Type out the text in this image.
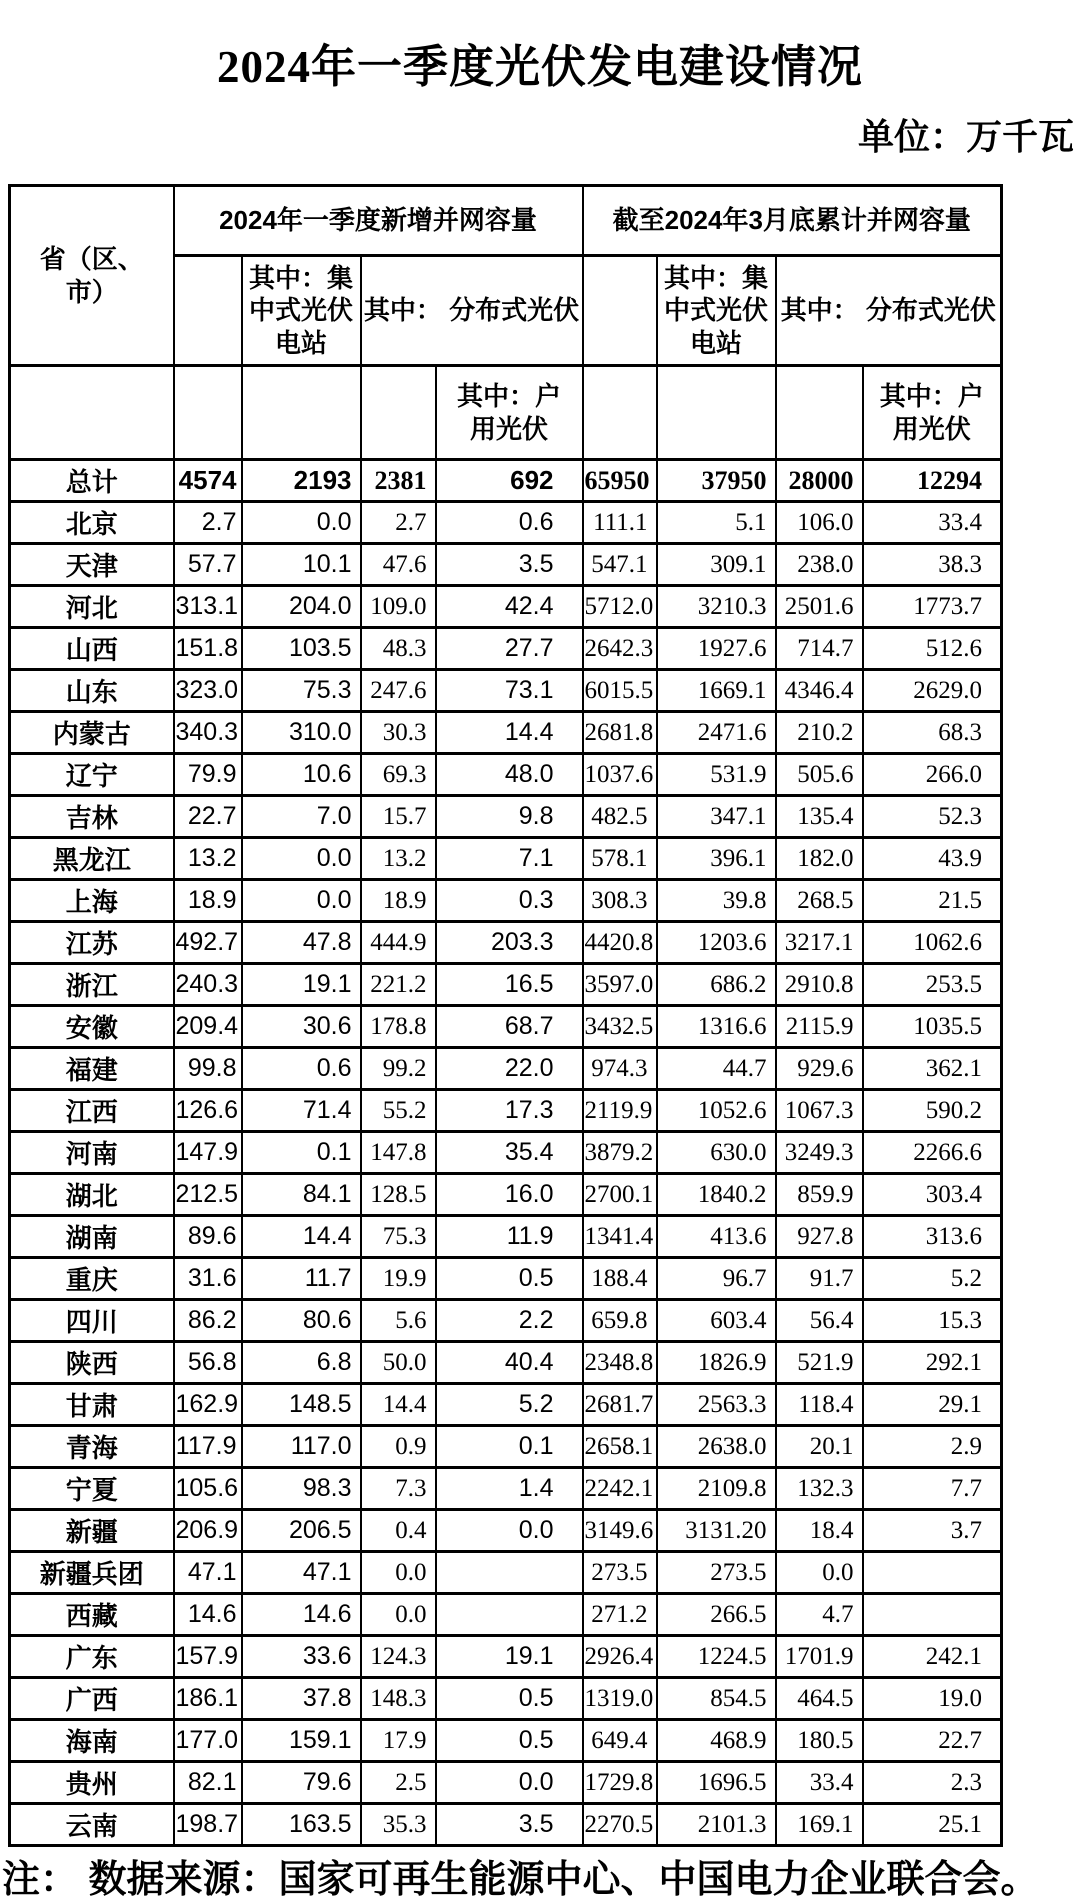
2024年一季度光伏发电建设情况
单位：万千瓦
省（区、市）	2024年一季度新增并网容量				截至2024年3月底累计并网容量			
		其中：集中式光伏电站	其中： 分布式光伏			其中：集中式光伏电站	其中： 分布式光伏	
				其中：户用光伏				其中：户用光伏
总计	4574	2193	2381	692	65950	37950	28000	12294
北京	2.7	0.0	2.7	0.6	111.1	5.1	106.0	33.4
天津	57.7	10.1	47.6	3.5	547.1	309.1	238.0	38.3
河北	313.1	204.0	109.0	42.4	5712.0	3210.3	2501.6	1773.7
山西	151.8	103.5	48.3	27.7	2642.3	1927.6	714.7	512.6
山东	323.0	75.3	247.6	73.1	6015.5	1669.1	4346.4	2629.0
内蒙古	340.3	310.0	30.3	14.4	2681.8	2471.6	210.2	68.3
辽宁	79.9	10.6	69.3	48.0	1037.6	531.9	505.6	266.0
吉林	22.7	7.0	15.7	9.8	482.5	347.1	135.4	52.3
黑龙江	13.2	0.0	13.2	7.1	578.1	396.1	182.0	43.9
上海	18.9	0.0	18.9	0.3	308.3	39.8	268.5	21.5
江苏	492.7	47.8	444.9	203.3	4420.8	1203.6	3217.1	1062.6
浙江	240.3	19.1	221.2	16.5	3597.0	686.2	2910.8	253.5
安徽	209.4	30.6	178.8	68.7	3432.5	1316.6	2115.9	1035.5
福建	99.8	0.6	99.2	22.0	974.3	44.7	929.6	362.1
江西	126.6	71.4	55.2	17.3	2119.9	1052.6	1067.3	590.2
河南	147.9	0.1	147.8	35.4	3879.2	630.0	3249.3	2266.6
湖北	212.5	84.1	128.5	16.0	2700.1	1840.2	859.9	303.4
湖南	89.6	14.4	75.3	11.9	1341.4	413.6	927.8	313.6
重庆	31.6	11.7	19.9	0.5	188.4	96.7	91.7	5.2
四川	86.2	80.6	5.6	2.2	659.8	603.4	56.4	15.3
陕西	56.8	6.8	50.0	40.4	2348.8	1826.9	521.9	292.1
甘肃	162.9	148.5	14.4	5.2	2681.7	2563.3	118.4	29.1
青海	117.9	117.0	0.9	0.1	2658.1	2638.0	20.1	2.9
宁夏	105.6	98.3	7.3	1.4	2242.1	2109.8	132.3	7.7
新疆	206.9	206.5	0.4	0.0	3149.6	3131.20	18.4	3.7
新疆兵团	47.1	47.1	0.0		273.5	273.5	0.0	
西藏	14.6	14.6	0.0		271.2	266.5	4.7	
广东	157.9	33.6	124.3	19.1	2926.4	1224.5	1701.9	242.1
广西	186.1	37.8	148.3	0.5	1319.0	854.5	464.5	19.0
海南	177.0	159.1	17.9	0.5	649.4	468.9	180.5	22.7
贵州	82.1	79.6	2.5	0.0	1729.8	1696.5	33.4	2.3
云南	198.7	163.5	35.3	3.5	2270.5	2101.3	169.1	25.1
注： 数据来源：国家可再生能源中心、中国电力企业联合会。
